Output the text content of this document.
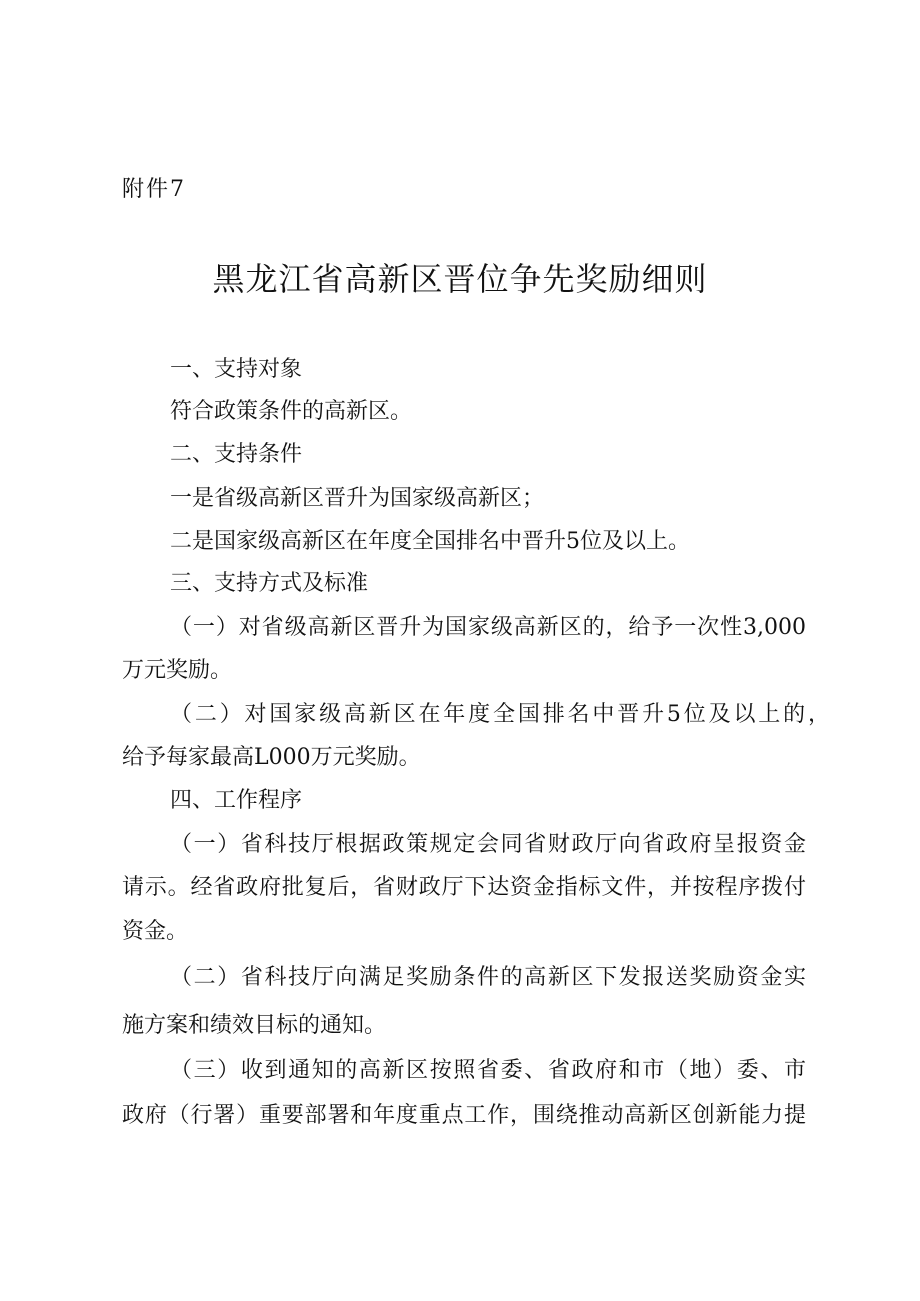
附件7

黑龙江省高新区晋位争先奖励细则

一、支持对象

符合政策条件的高新区。

二、支持条件

一是省级高新区晋升为国家级高新区；

二是国家级高新区在年度全国排名中晋升5位及以上。

三、支持方式及标准

（一）对省级高新区晋升为国家级高新区的，给予一次性3,000

万元奖励。

（二）对国家级高新区在年度全国排名中晋升5位及以上的，

给予每家最高L000万元奖励。

四、工作程序

（一）省科技厅根据政策规定会同省财政厅向省政府呈报资金

请示。经省政府批复后，省财政厅下达资金指标文件，并按程序拨付

资金。

（二）省科技厅向满足奖励条件的高新区下发报送奖励资金实

施方案和绩效目标的通知。

（三）收到通知的高新区按照省委、省政府和市（地）委、市

政府（行署）重要部署和年度重点工作，围绕推动高新区创新能力提
